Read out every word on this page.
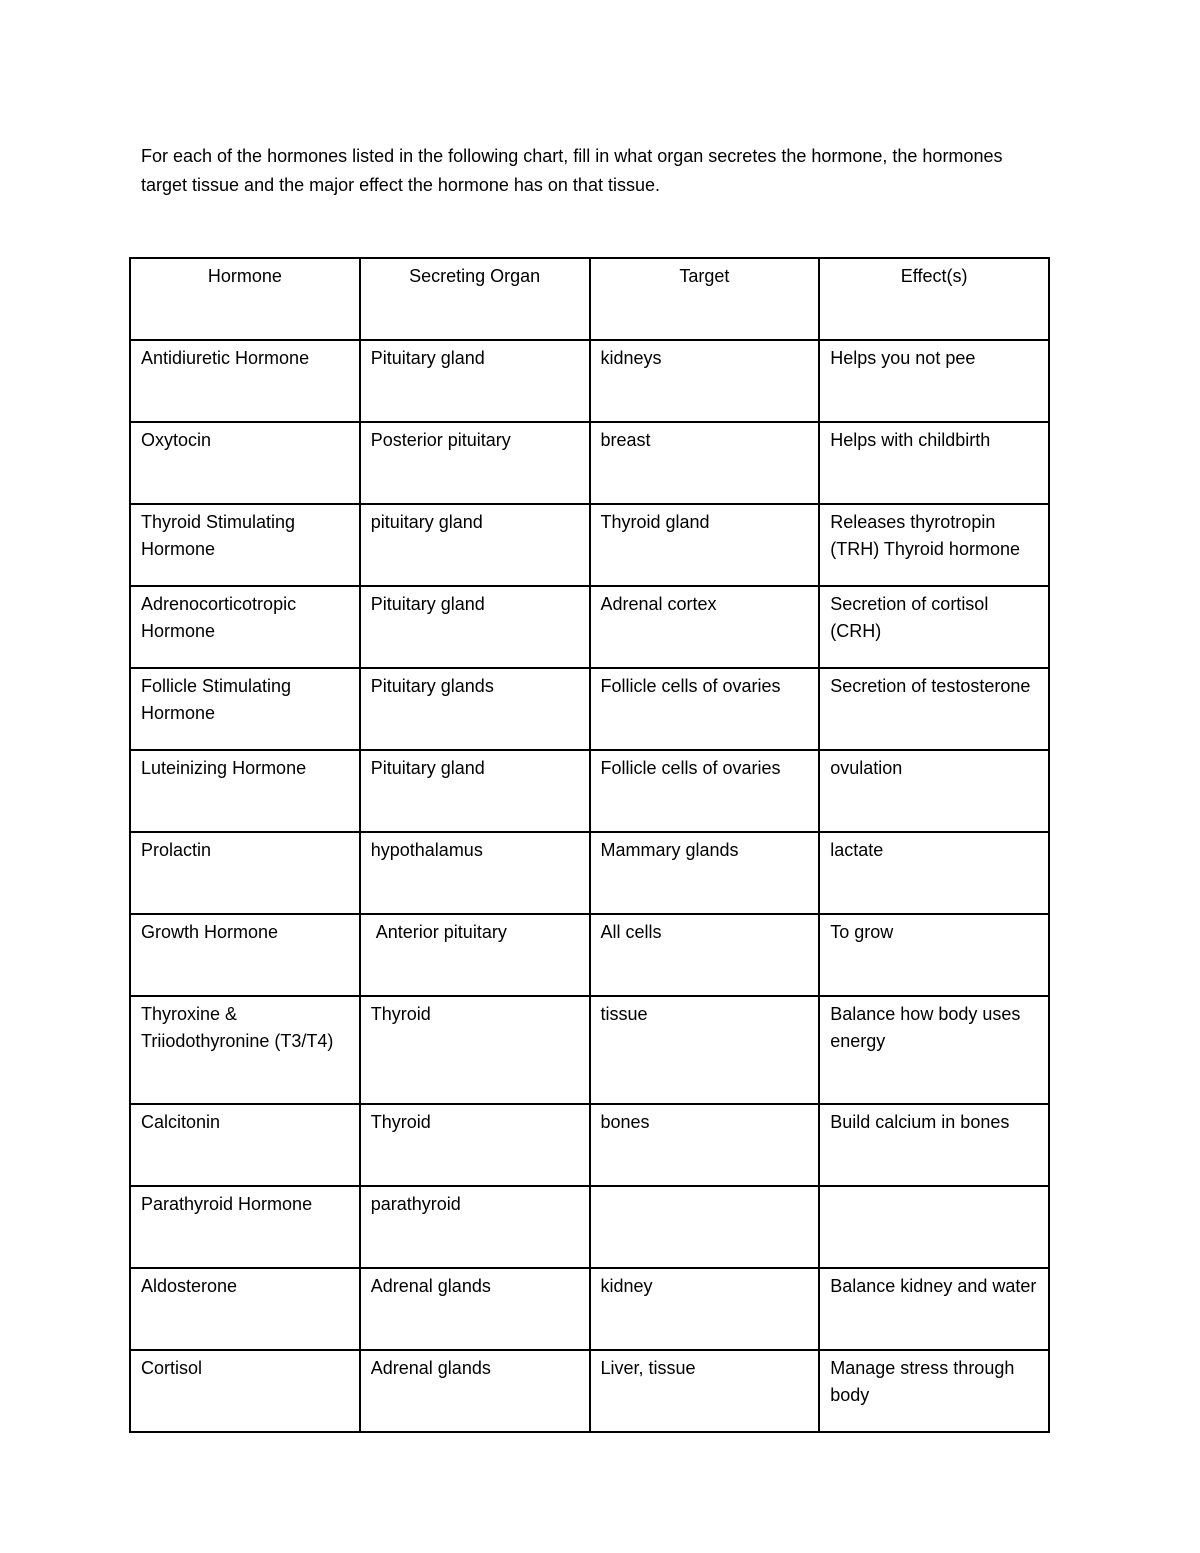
For each of the hormones listed in the following chart, fill in what organ secretes the hormone, the hormones target tissue and the major effect the hormone has on that tissue.

Hormone	Secreting Organ	Target	Effect(s)
Antidiuretic Hormone	Pituitary gland	kidneys	Helps you not pee
Oxytocin	Posterior pituitary	breast	Helps with childbirth
Thyroid Stimulating Hormone	pituitary gland	Thyroid gland	Releases thyrotropin (TRH) Thyroid hormone
Adrenocorticotropic Hormone	Pituitary gland	Adrenal cortex	Secretion of cortisol (CRH)
Follicle Stimulating Hormone	Pituitary glands	Follicle cells of ovaries	Secretion of testosterone
Luteinizing Hormone	Pituitary gland	Follicle cells of ovaries	ovulation
Prolactin	hypothalamus	Mammary glands	lactate
Growth Hormone	Anterior pituitary	All cells	To grow
Thyroxine & Triiodothyronine (T3/T4)	Thyroid	tissue	Balance how body uses energy
Calcitonin	Thyroid	bones	Build calcium in bones
Parathyroid Hormone	parathyroid		
Aldosterone	Adrenal glands	kidney	Balance kidney and water
Cortisol	Adrenal glands	Liver, tissue	Manage stress through body
